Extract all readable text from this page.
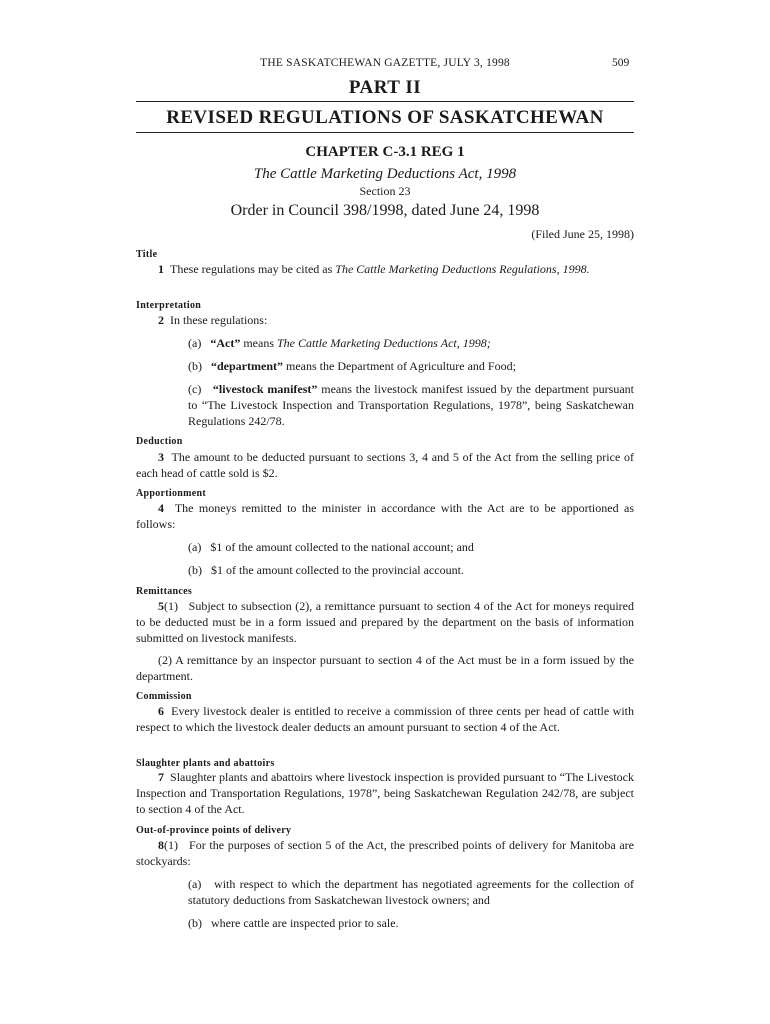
THE SASKATCHEWAN GAZETTE, JULY 3, 1998	509
PART II
REVISED REGULATIONS OF SASKATCHEWAN
CHAPTER C-3.1 REG 1
The Cattle Marketing Deductions Act, 1998
Section 23
Order in Council 398/1998, dated June 24, 1998
(Filed June 25, 1998)
Title
1 These regulations may be cited as The Cattle Marketing Deductions Regulations, 1998.
Interpretation
2 In these regulations:
(a) “Act” means The Cattle Marketing Deductions Act, 1998;
(b) “department” means the Department of Agriculture and Food;
(c) “livestock manifest” means the livestock manifest issued by the department pursuant to “The Livestock Inspection and Transportation Regulations, 1978”, being Saskatchewan Regulations 242/78.
Deduction
3 The amount to be deducted pursuant to sections 3, 4 and 5 of the Act from the selling price of each head of cattle sold is $2.
Apportionment
4 The moneys remitted to the minister in accordance with the Act are to be apportioned as follows:
(a) $1 of the amount collected to the national account; and
(b) $1 of the amount collected to the provincial account.
Remittances
5(1) Subject to subsection (2), a remittance pursuant to section 4 of the Act for moneys required to be deducted must be in a form issued and prepared by the department on the basis of information submitted on livestock manifests.
(2) A remittance by an inspector pursuant to section 4 of the Act must be in a form issued by the department.
Commission
6 Every livestock dealer is entitled to receive a commission of three cents per head of cattle with respect to which the livestock dealer deducts an amount pursuant to section 4 of the Act.
Slaughter plants and abattoirs
7 Slaughter plants and abattoirs where livestock inspection is provided pursuant to “The Livestock Inspection and Transportation Regulations, 1978”, being Saskatchewan Regulation 242/78, are subject to section 4 of the Act.
Out-of-province points of delivery
8(1) For the purposes of section 5 of the Act, the prescribed points of delivery for Manitoba are stockyards:
(a) with respect to which the department has negotiated agreements for the collection of statutory deductions from Saskatchewan livestock owners; and
(b) where cattle are inspected prior to sale.
